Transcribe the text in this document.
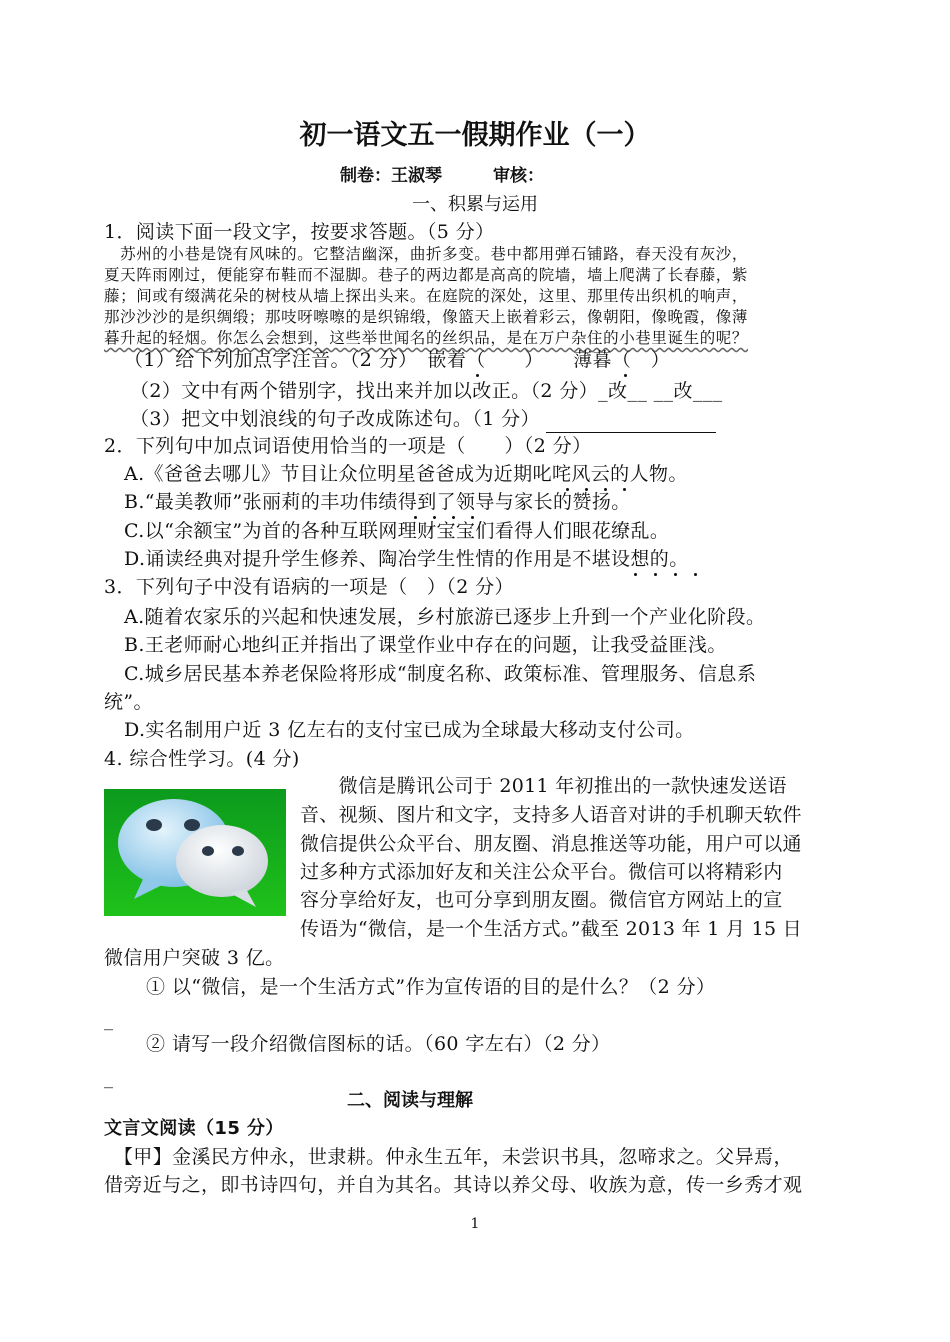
初一语文五一假期作业（一）
制卷：王淑琴　　　审核：
一、积累与运用
1．阅读下面一段文字，按要求答题。（5 分）
　苏州的小巷是饶有风味的。它整洁幽深，曲折多变。巷中都用弹石铺路，春天没有灰沙，
夏天阵雨刚过，便能穿布鞋而不湿脚。巷子的两边都是高高的院墙，墙上爬满了长春藤，紫
藤；间或有缀满花朵的树枝从墙上探出头来。在庭院的深处，这里、那里传出织机的响声，
那沙沙沙的是织绸缎；那吱呀嚓嚓的是织锦缎，像篮天上嵌着彩云，像朝阳，像晚霞，像薄
暮升起的轻烟。你怎么会想到，这些举世闻名的丝织品，是在万户杂住的小巷里诞生的呢？
（1）给下列加点字注音。（2 分）　嵌着（　　）　　薄暮（　）
（2）文中有两个错别字，找出来并加以改正。（2 分）_改__ __改___
（3）把文中划浪线的句子改成陈述句。（1 分）
2．下列句中加点词语使用恰当的一项是（　　）（2 分）
A.《爸爸去哪儿》节目让众位明星爸爸成为近期叱咤风云的人物。
B.“最美教师”张丽莉的丰功伟绩得到了领导与家长的赞扬。
C.以“余额宝”为首的各种互联网理财宝宝们看得人们眼花缭乱。
D.诵读经典对提升学生修养、陶冶学生性情的作用是不堪设想的。
3．下列句子中没有语病的一项是（　）（2 分）
A.随着农家乐的兴起和快速发展，乡村旅游已逐步上升到一个产业化阶段。
B.王老师耐心地纠正并指出了课堂作业中存在的问题，让我受益匪浅。
C.城乡居民基本养老保险将形成“制度名称、政策标准、管理服务、信息系
统”。
D.实名制用户近 3 亿左右的支付宝已成为全球最大移动支付公司。
4. 综合性学习。(4 分)
　　微信是腾讯公司于 2011 年初推出的一款快速发送语
音、视频、图片和文字，支持多人语音对讲的手机聊天软件
微信提供公众平台、朋友圈、消息推送等功能，用户可以通
过多种方式添加好友和关注公众平台。微信可以将精彩内
容分享给好友，也可分享到朋友圈。微信官方网站上的宣
传语为“微信，是一个生活方式。”截至 2013 年 1 月 15 日
微信用户突破 3 亿。
① 以“微信，是一个生活方式”作为宣传语的目的是什么？（2 分）
_
② 请写一段介绍微信图标的话。（60 字左右）（2 分）
_
二、阅读与理解
文言文阅读（15 分）
　【甲】金溪民方仲永，世隶耕。仲永生五年，未尝识书具，忽啼求之。父异焉，
借旁近与之，即书诗四句，并自为其名。其诗以养父母、收族为意，传一乡秀才观
1
